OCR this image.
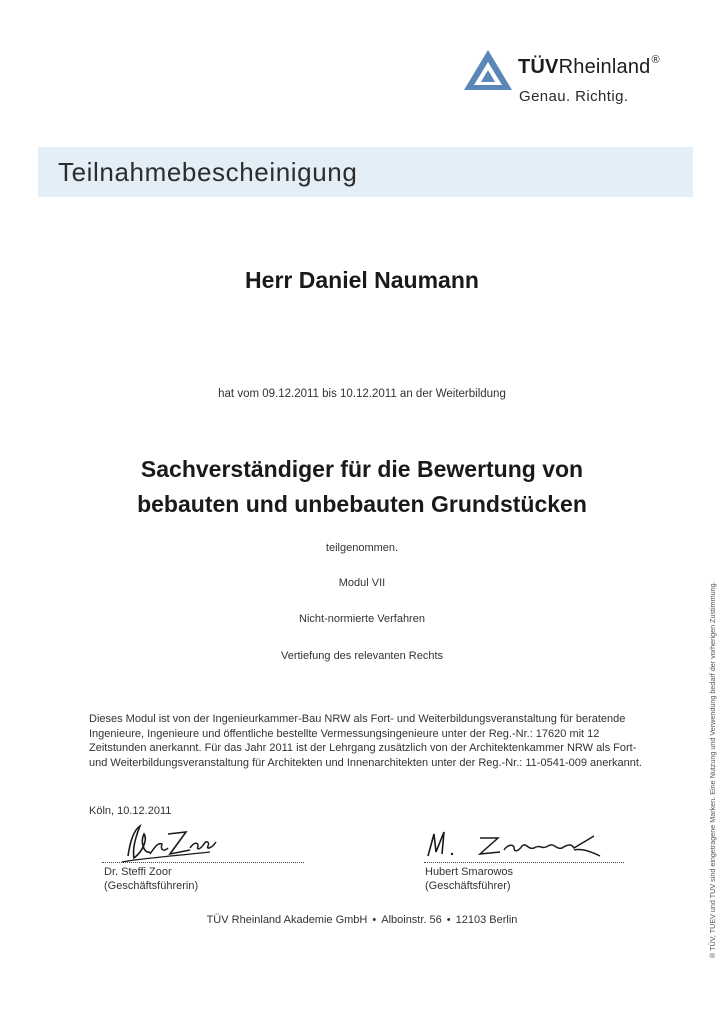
TÜVRheinland®
Genau. Richtig.
Teilnahmebescheinigung
Herr Daniel Naumann
hat vom 09.12.2011 bis 10.12.2011 an der Weiterbildung
Sachverständiger für die Bewertung von
bebauten und unbebauten Grundstücken
teilgenommen.
Modul VII
Nicht-normierte Verfahren
Vertiefung des relevanten Rechts
Dieses Modul ist von der Ingenieurkammer-Bau NRW als Fort- und Weiterbildungsveranstaltung für beratende Ingenieure, Ingenieure und öffentliche bestellte Vermessungsingenieure unter der Reg.-Nr.: 17620 mit 12 Zeitstunden anerkannt. Für das Jahr 2011 ist der Lehrgang zusätzlich von der Architektenkammer NRW als Fort- und Weiterbildungsveranstaltung für Architekten und Innenarchitekten unter der Reg.-Nr.: 11-0541-009 anerkannt.
Köln, 10.12.2011
Dr. Steffi Zoor
(Geschäftsführerin)
Hubert Smarowos
(Geschäftsführer)
TÜV Rheinland Akademie GmbH • Alboinstr. 56 • 12103 Berlin	® TÜV, TUEV und TUV sind eingetragene Marken. Eine Nutzung und Verwendung bedarf der vorherigen Zustimmung.
